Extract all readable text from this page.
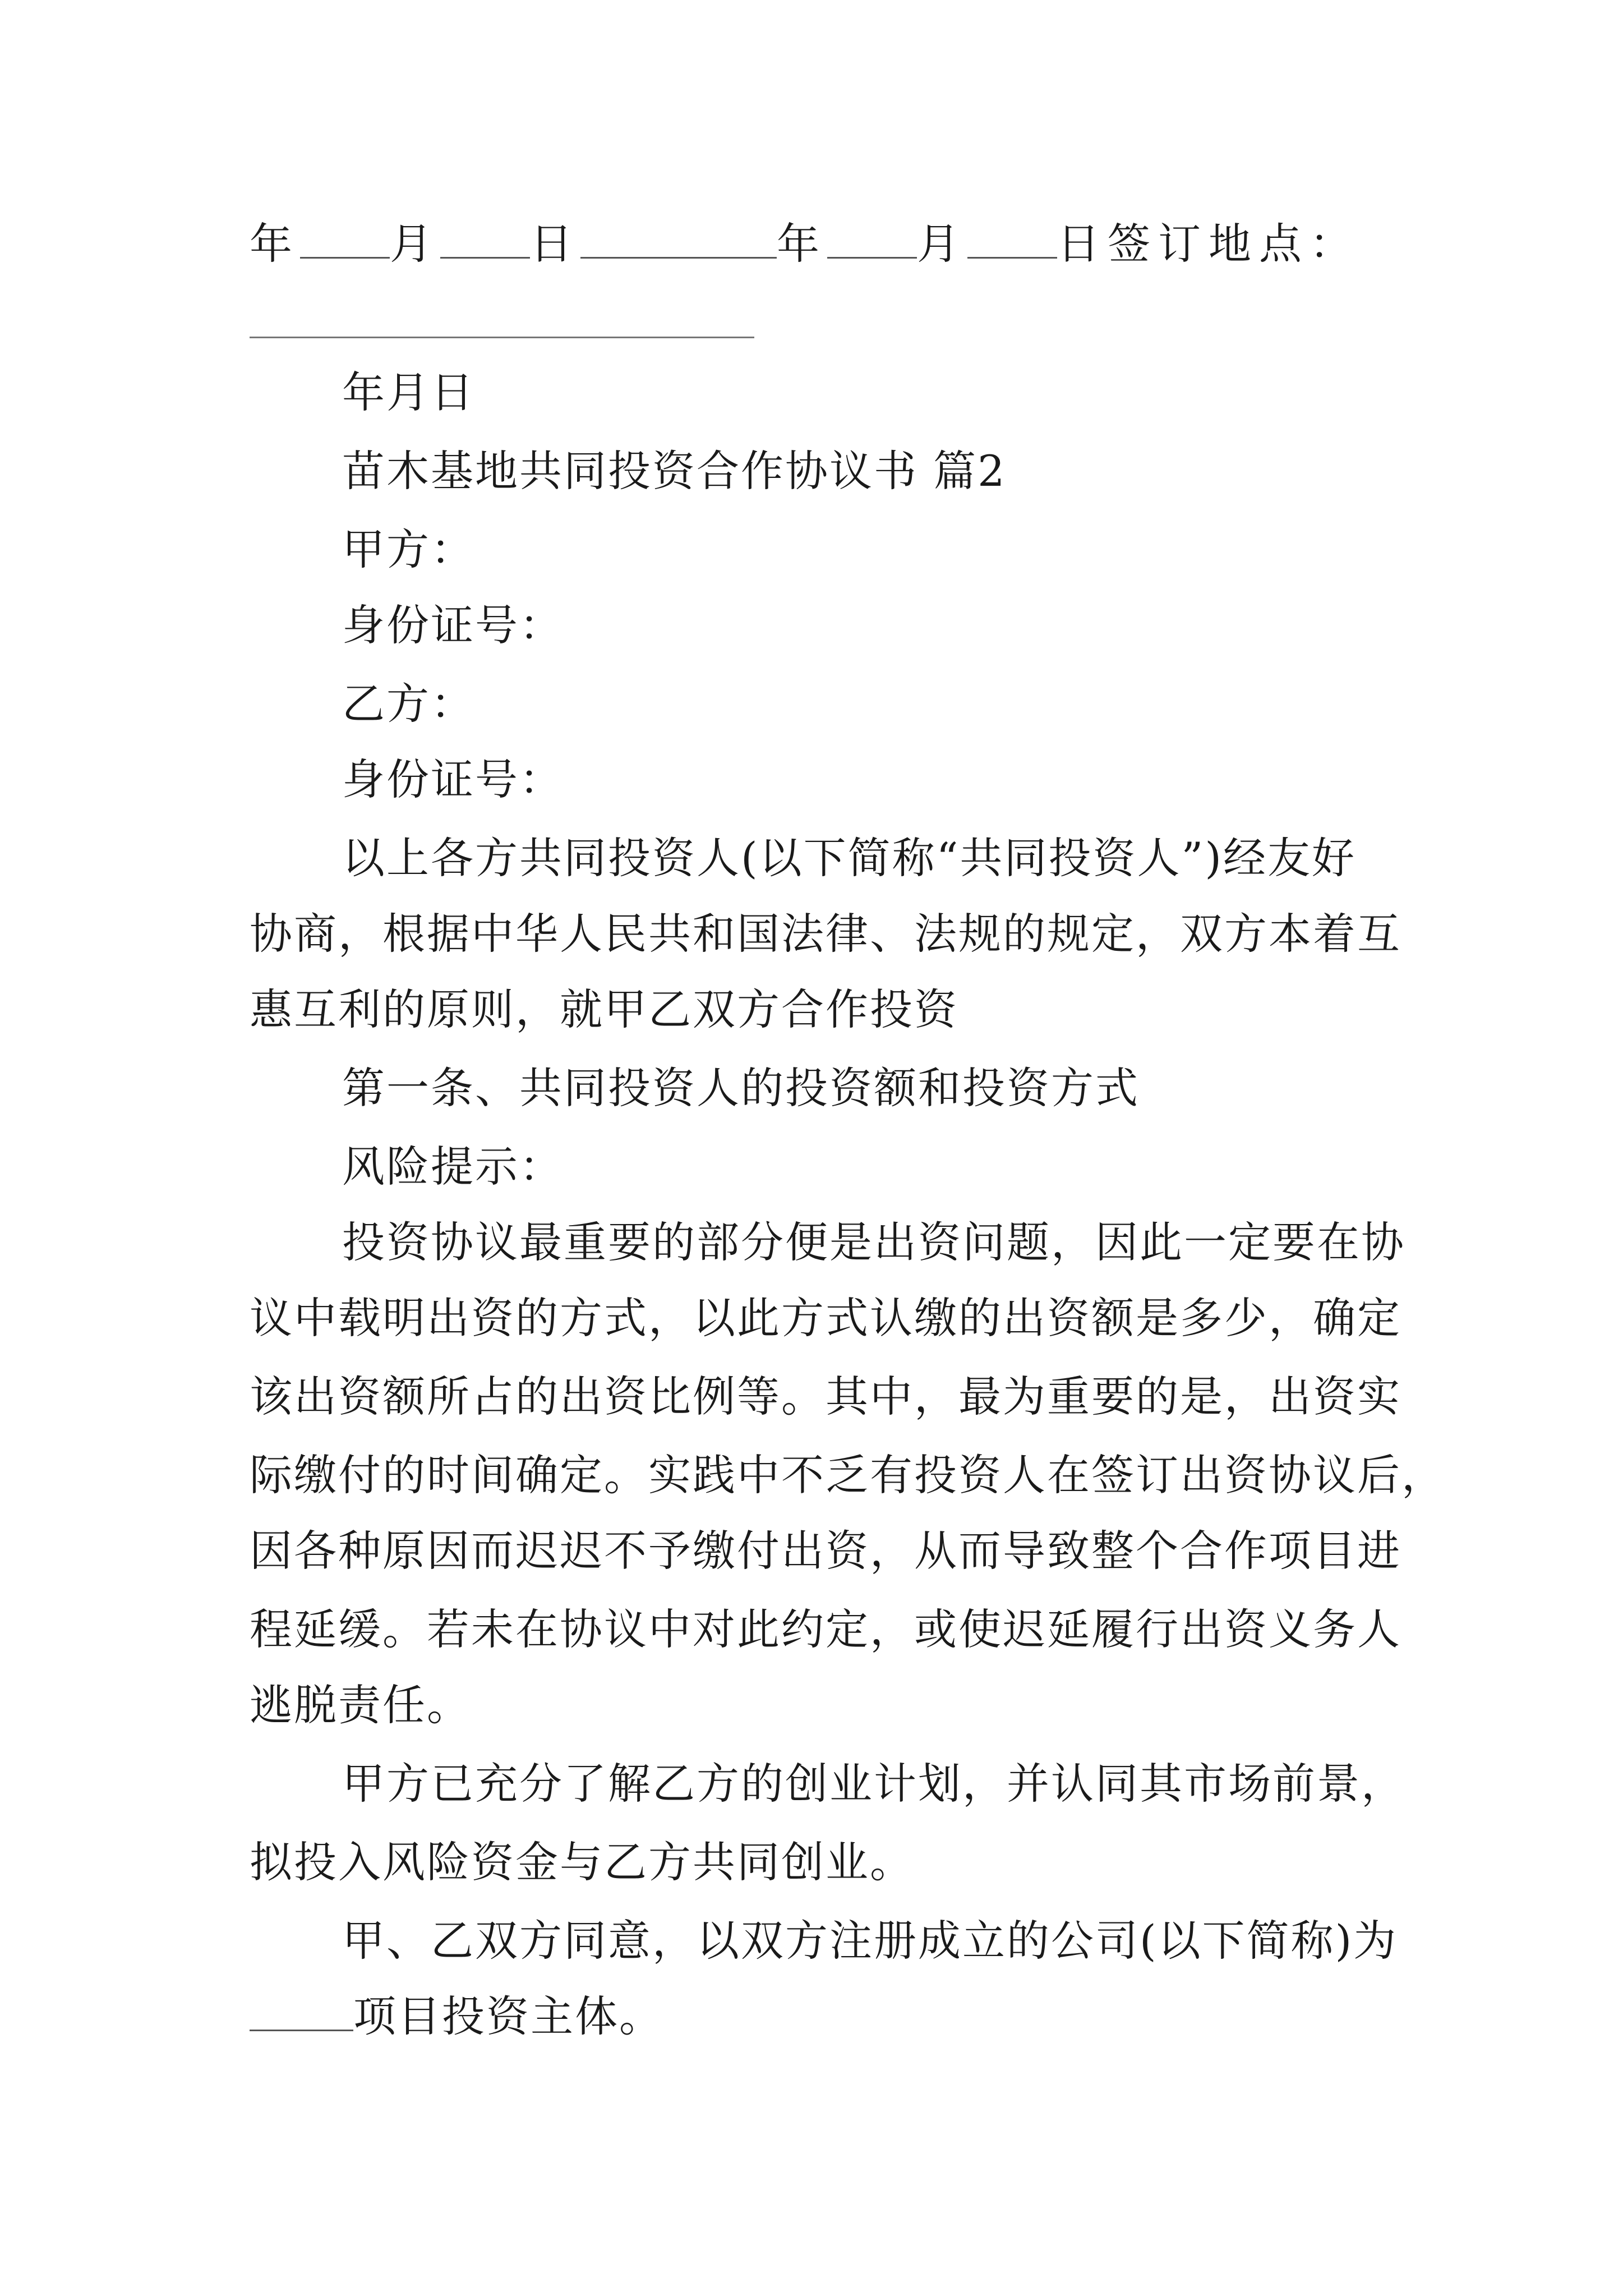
年 月 日	年 月 日签订地点：
年月日
苗木基地共同投资合作协议书 篇2
甲方：
身份证号：
乙方：
身份证号：
以上各方共同投资人(以下简称“共同投资人”)经友好
协商，根据中华人民共和国法律、法规的规定，双方本着互
惠互利的原则，就甲乙双方合作投资
第一条、共同投资人的投资额和投资方式
风险提示：
投资协议最重要的部分便是出资问题，因此一定要在协
议中载明出资的方式，以此方式认缴的出资额是多少，确定
该出资额所占的出资比例等。其中，最为重要的是，出资实
际缴付的时间确定。实践中不乏有投资人在签订出资协议后，
因各种原因而迟迟不予缴付出资，从而导致整个合作项目进
程延缓。若未在协议中对此约定，或使迟延履行出资义务人
逃脱责任。
甲方已充分了解乙方的创业计划，并认同其市场前景，
拟投入风险资金与乙方共同创业。
甲、乙双方同意，以双方注册成立的公司(以下简称)为
项目投资主体。
